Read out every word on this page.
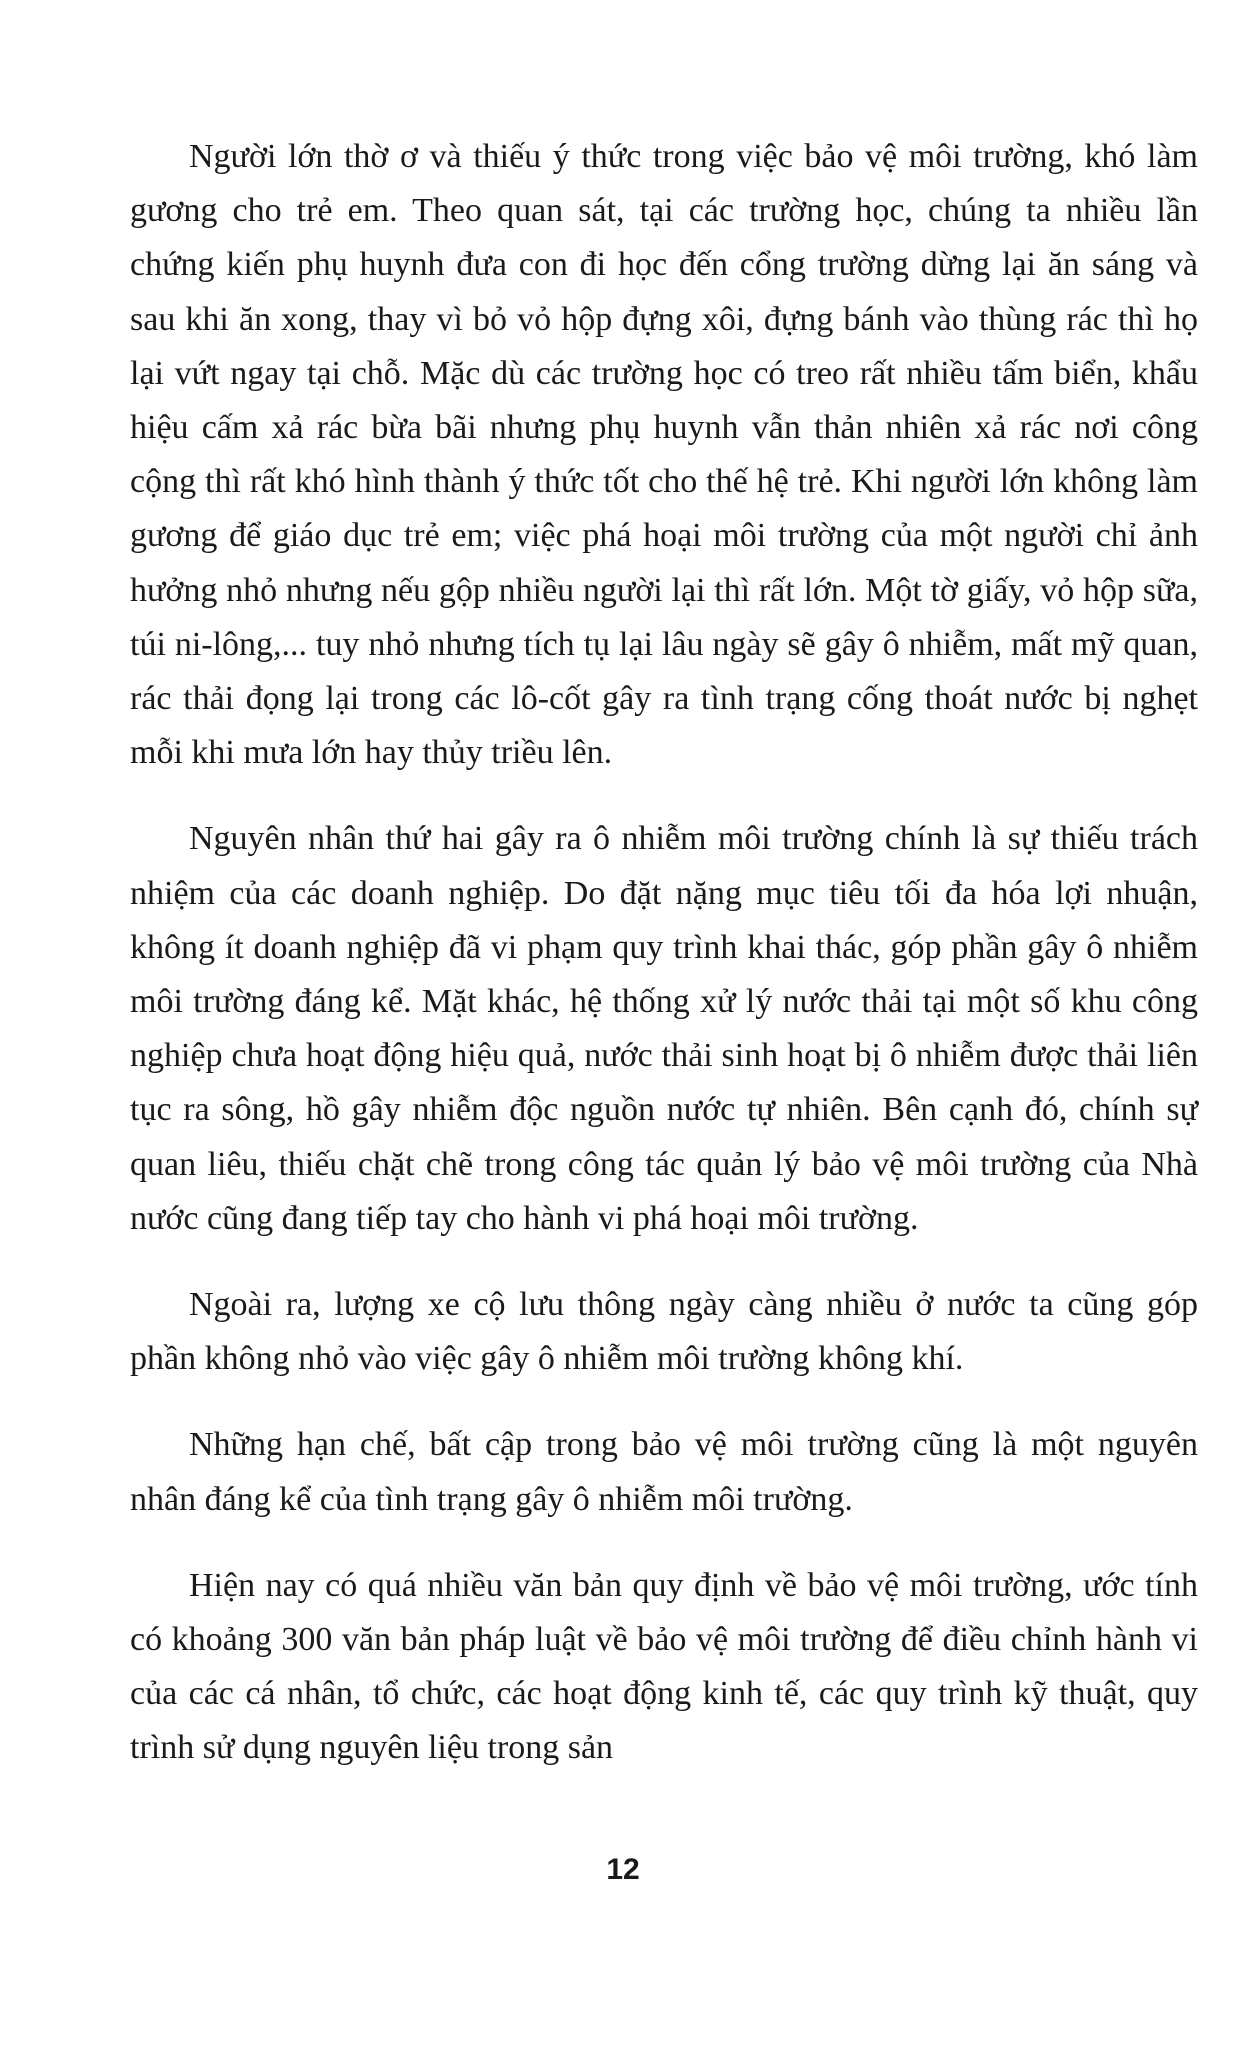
Người lớn thờ ơ và thiếu ý thức trong việc bảo vệ môi trường, khó làm gương cho trẻ em. Theo quan sát, tại các trường học, chúng ta nhiều lần chứng kiến phụ huynh đưa con đi học đến cổng trường dừng lại ăn sáng và sau khi ăn xong, thay vì bỏ vỏ hộp đựng xôi, đựng bánh vào thùng rác thì họ lại vứt ngay tại chỗ. Mặc dù các trường học có treo rất nhiều tấm biển, khẩu hiệu cấm xả rác bừa bãi nhưng phụ huynh vẫn thản nhiên xả rác nơi công cộng thì rất khó hình thành ý thức tốt cho thế hệ trẻ. Khi người lớn không làm gương để giáo dục trẻ em; việc phá hoại môi trường của một người chỉ ảnh hưởng nhỏ nhưng nếu gộp nhiều người lại thì rất lớn. Một tờ giấy, vỏ hộp sữa, túi ni-lông,... tuy nhỏ nhưng tích tụ lại lâu ngày sẽ gây ô nhiễm, mất mỹ quan, rác thải đọng lại trong các lô-cốt gây ra tình trạng cống thoát nước bị nghẹt mỗi khi mưa lớn hay thủy triều lên.

Nguyên nhân thứ hai gây ra ô nhiễm môi trường chính là sự thiếu trách nhiệm của các doanh nghiệp. Do đặt nặng mục tiêu tối đa hóa lợi nhuận, không ít doanh nghiệp đã vi phạm quy trình khai thác, góp phần gây ô nhiễm môi trường đáng kể. Mặt khác, hệ thống xử lý nước thải tại một số khu công nghiệp chưa hoạt động hiệu quả, nước thải sinh hoạt bị ô nhiễm được thải liên tục ra sông, hồ gây nhiễm độc nguồn nước tự nhiên. Bên cạnh đó, chính sự quan liêu, thiếu chặt chẽ trong công tác quản lý bảo vệ môi trường của Nhà nước cũng đang tiếp tay cho hành vi phá hoại môi trường.

Ngoài ra, lượng xe cộ lưu thông ngày càng nhiều ở nước ta cũng góp phần không nhỏ vào việc gây ô nhiễm môi trường không khí.

Những hạn chế, bất cập trong bảo vệ môi trường cũng là một nguyên nhân đáng kể của tình trạng gây ô nhiễm môi trường.

Hiện nay có quá nhiều văn bản quy định về bảo vệ môi trường, ước tính có khoảng 300 văn bản pháp luật về bảo vệ môi trường để điều chỉnh hành vi của các cá nhân, tổ chức, các hoạt động kinh tế, các quy trình kỹ thuật, quy trình sử dụng nguyên liệu trong sản

12
